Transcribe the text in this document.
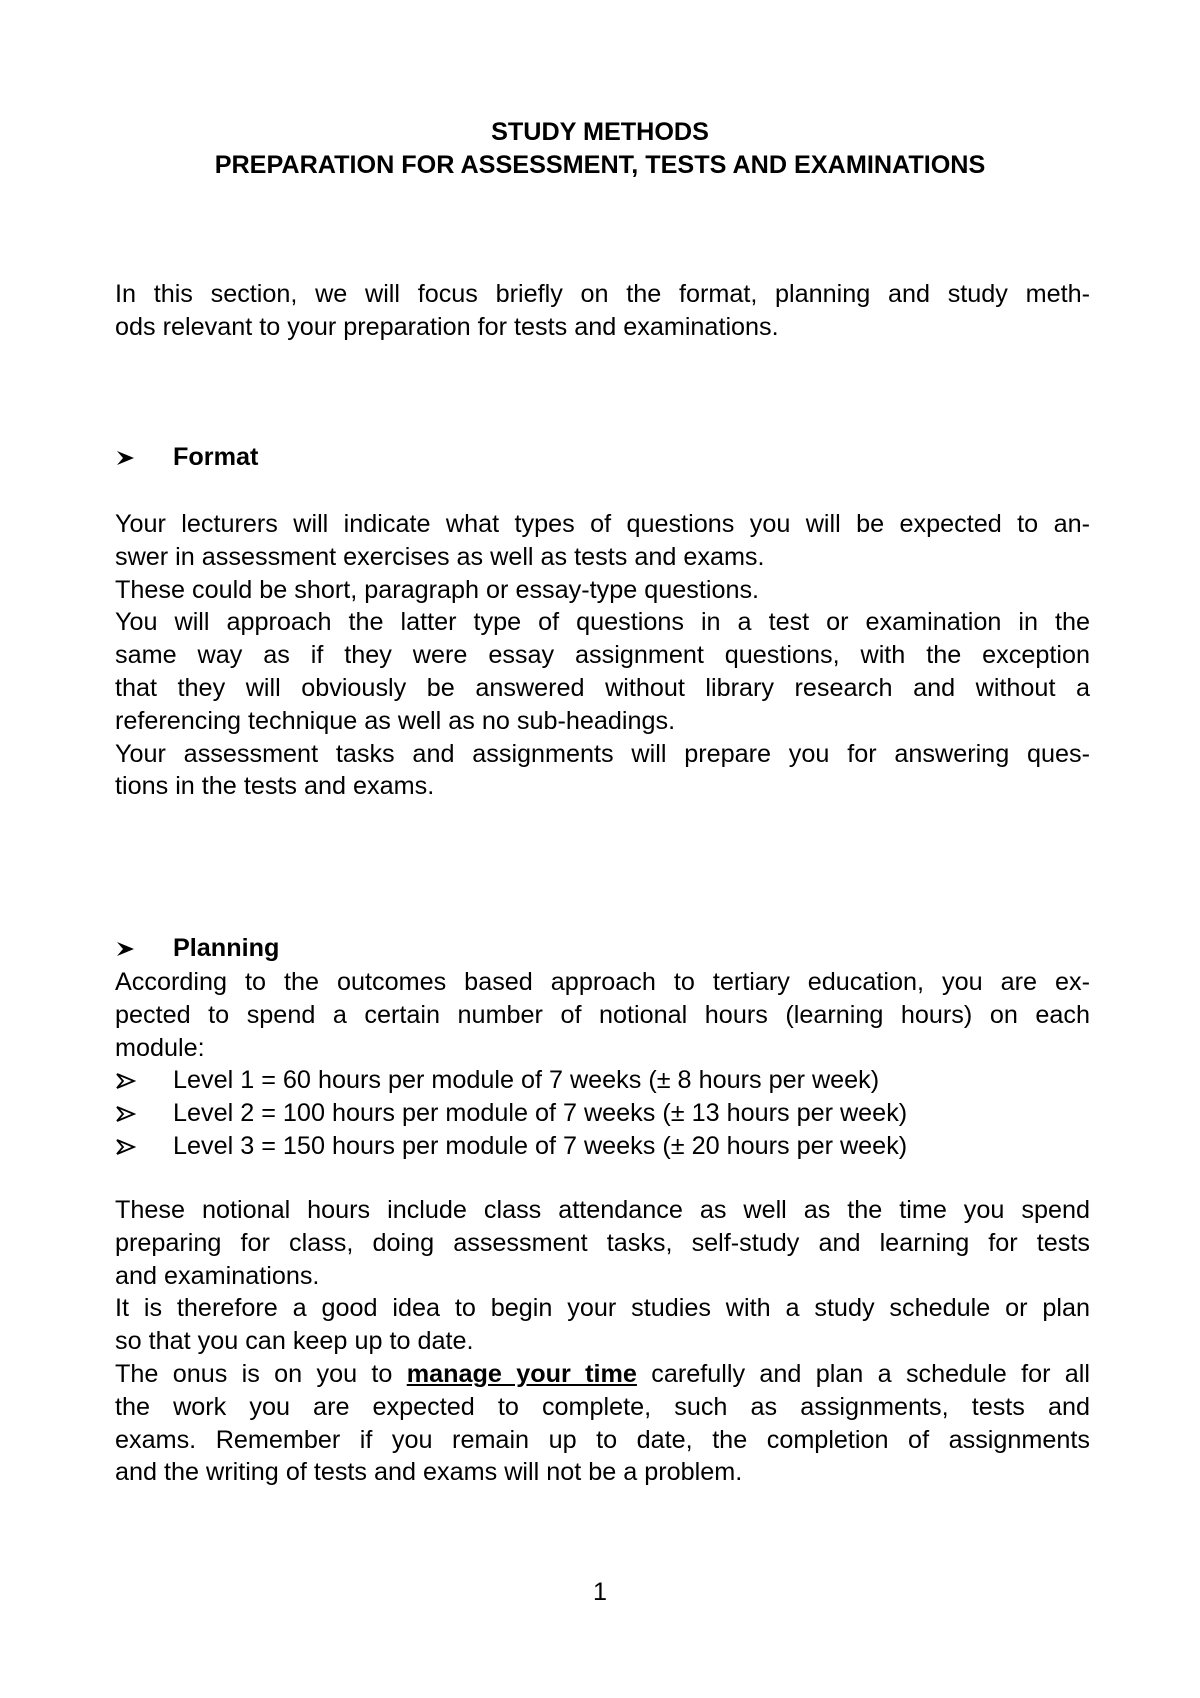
STUDY METHODS
PREPARATION FOR ASSESSMENT, TESTS AND EXAMINATIONS
In this section, we will focus briefly on the format, planning and study meth-
ods relevant to your preparation for tests and examinations.
Format
Your lecturers will indicate what types of questions you will be expected to an-
swer in assessment exercises as well as tests and exams.
These could be short, paragraph or essay-type questions.
You will approach the latter type of questions in a test or examination in the
same way as if they were essay assignment questions, with the exception
that they will obviously be answered without library research and without a
referencing technique as well as no sub-headings.
Your assessment tasks and assignments will prepare you for answering ques-
tions in the tests and exams.
Planning
According to the outcomes based approach to tertiary education, you are ex-
pected to spend a certain number of notional hours (learning hours) on each
module:
Level 1 = 60 hours per module of 7 weeks (± 8 hours per week)
Level 2 = 100 hours per module of 7 weeks (± 13 hours per week)
Level 3 = 150 hours per module of 7 weeks (± 20 hours per week)
These notional hours include class attendance as well as the time you spend
preparing for class, doing assessment tasks, self-study and learning for tests
and examinations.
It is therefore a good idea to begin your studies with a study schedule or plan
so that you can keep up to date.
The onus is on you to manage your time carefully and plan a schedule for all
the work you are expected to complete, such as assignments, tests and
exams. Remember if you remain up to date, the completion of assignments
and the writing of tests and exams will not be a problem.
1
